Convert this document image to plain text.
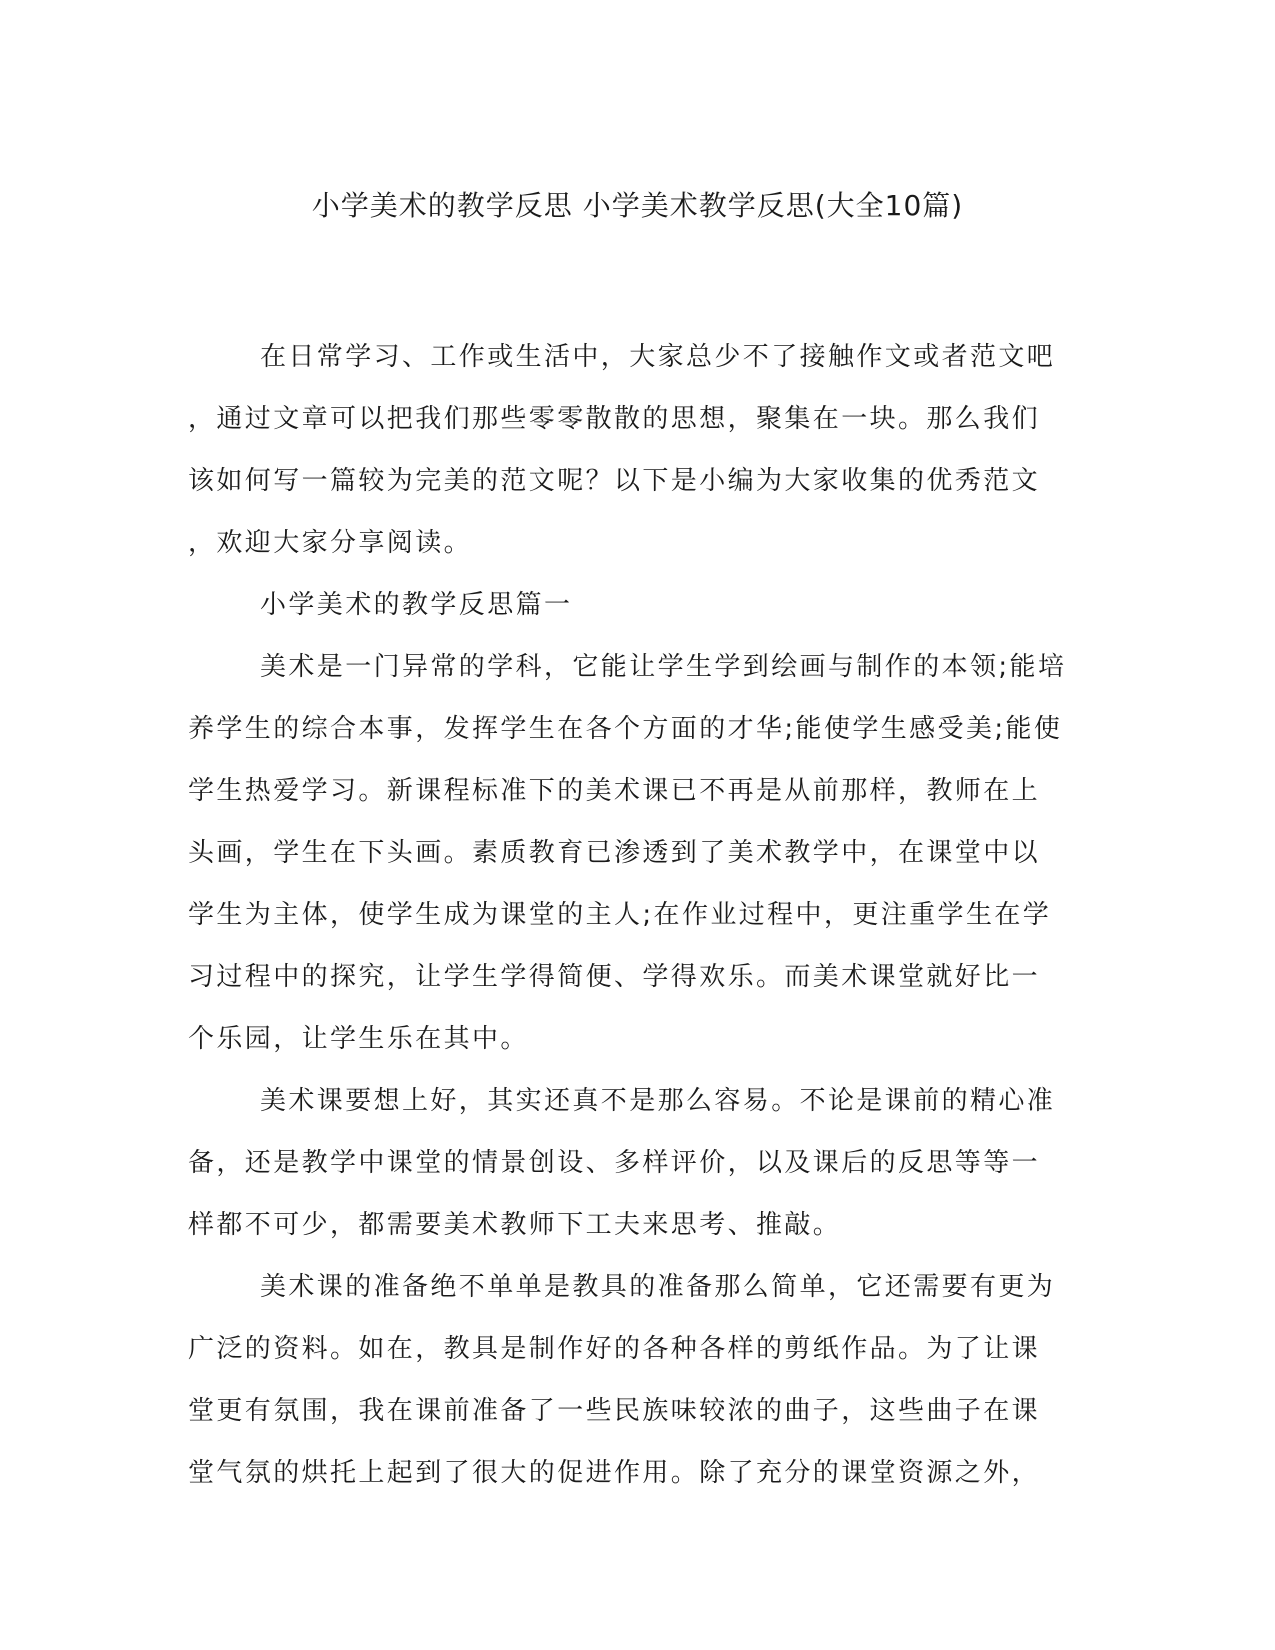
小学美术的教学反思 小学美术教学反思(大全10篇)
在日常学习、工作或生活中，大家总少不了接触作文或者范文吧
，通过文章可以把我们那些零零散散的思想，聚集在一块。那么我们
该如何写一篇较为完美的范文呢？以下是小编为大家收集的优秀范文
，欢迎大家分享阅读。
小学美术的教学反思篇一
美术是一门异常的学科，它能让学生学到绘画与制作的本领;能培
养学生的综合本事，发挥学生在各个方面的才华;能使学生感受美;能使
学生热爱学习。新课程标准下的美术课已不再是从前那样，教师在上
头画，学生在下头画。素质教育已渗透到了美术教学中，在课堂中以
学生为主体，使学生成为课堂的主人;在作业过程中，更注重学生在学
习过程中的探究，让学生学得简便、学得欢乐。而美术课堂就好比一
个乐园，让学生乐在其中。
美术课要想上好，其实还真不是那么容易。不论是课前的精心准
备，还是教学中课堂的情景创设、多样评价，以及课后的反思等等一
样都不可少，都需要美术教师下工夫来思考、推敲。
美术课的准备绝不单单是教具的准备那么简单，它还需要有更为
广泛的资料。如在，教具是制作好的各种各样的剪纸作品。为了让课
堂更有氛围，我在课前准备了一些民族味较浓的曲子，这些曲子在课
堂气氛的烘托上起到了很大的促进作用。除了充分的课堂资源之外，
